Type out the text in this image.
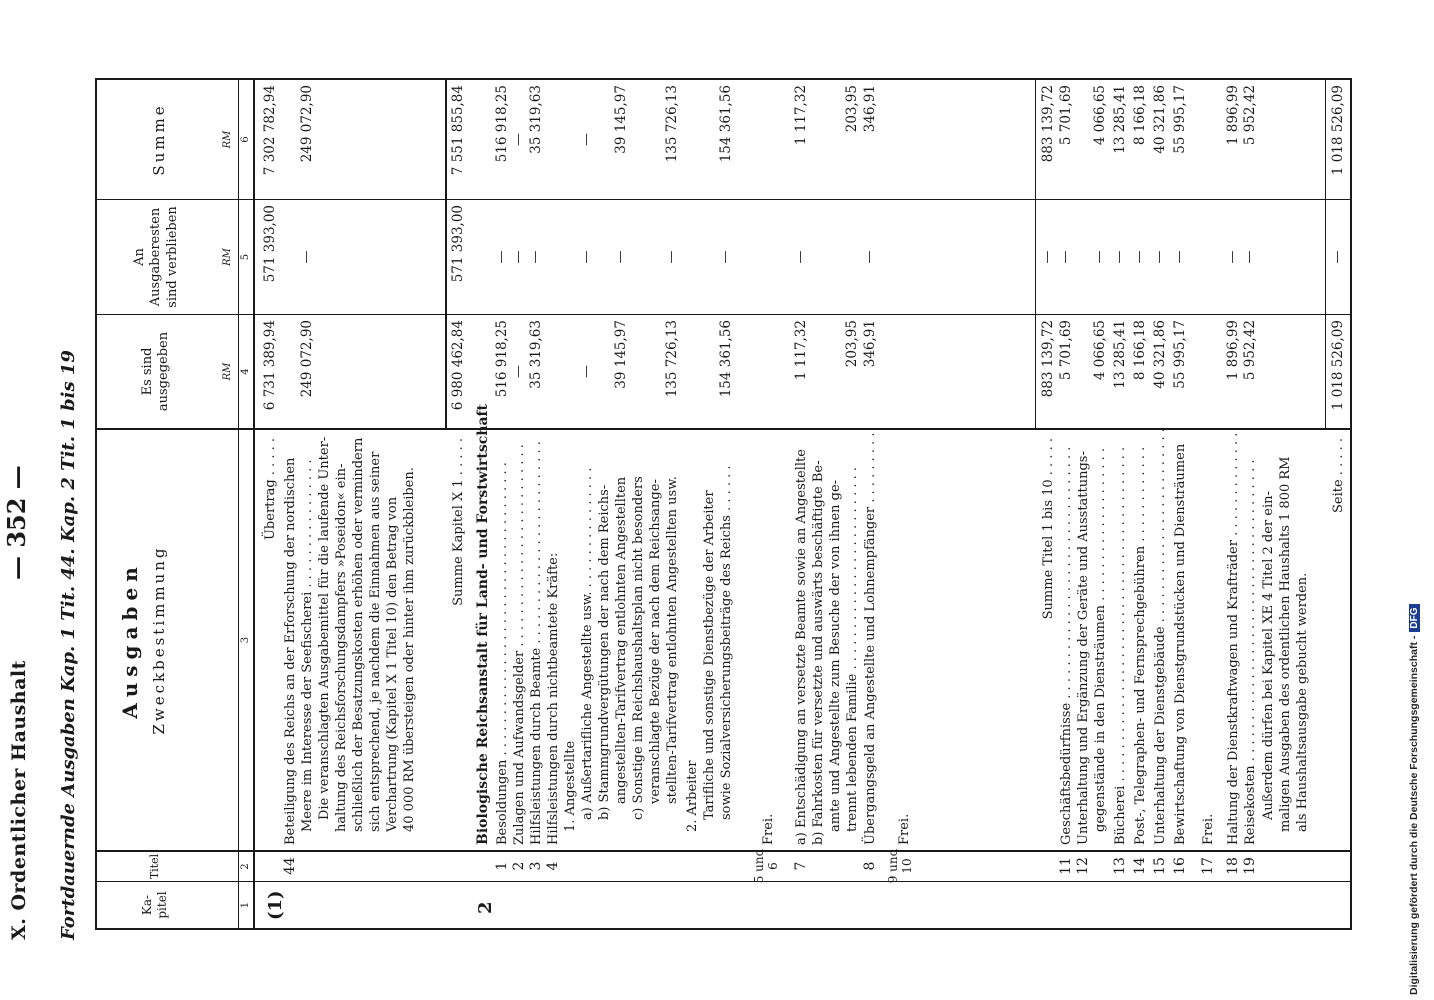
X. Ordentlicher Haushalt
— 352 — Fortdauernde Ausgaben Kap. 1 Tit. 44. Kap. 2 Tit. 1 bis 19	Ka- pitel
Titel
Ausgaben Zweckbestimmung
Es sind ausgegeben
An Ausgaberesten sind verblieben
Summe
RM
RM
RM
1
2
3
4
5
6
(1)
Übertrag . . . . .
6 731 389,94
571 393,00
7 302 782,94
44
Beteiligung des Reichs an der Erforschung der nordischen Meere im Interesse der Seefischerei . . . . . . . . . . . . . . . . Die veranschlagten Ausgabemittel für die laufende Unter- haltung des Reichsforschungsdampfers »Poseidon« ein- schließlich der Besatzungskosten erhöhen oder vermindern sich entsprechend, je nachdem die Einnahmen aus seiner Verchartrung (Kapitel X 1 Titel 10) den Betrag von 40 000 RM übersteigen oder hinter ihm zurückbleiben.
249 072,90
—
249 072,90
Summe Kapitel X 1 . . . . .
6 980 462,84
571 393,00
7 551 855,84
2
Biologische Reichsanstalt für Land- und Forstwirtschaft
1
Besoldungen . . . . . . . . . . . . . . . . . . . . . . . . . . . . . . . . . . . .
516 918,25
—
516 918,25
2
Zulagen und Aufwandsgelder . . . . . . . . . . . . . . . . . . . . . . . . .
—
—
—
3
Hilfsleistungen durch Beamte . . . . . . . . . . . . . . . . . . . . . . . . .
35 319,63
—
35 319,63
4
Hilfsleistungen durch nichtbeamtete Kräfte: 1. Angestellte a) Außertarifliche Angestellte usw. . . . . . . . . . . . . . . .
—
—
—
b) Stammgrundvergütungen der nach dem Reichs- angestellten-Tarifvertrag entlohnten Angestellten
39 145,97
—
39 145,97
c) Sonstige im Reichshaushaltsplan nicht besonders veranschlagte Bezüge der nach dem Reichsange- stellten-Tarifvertrag entlohnten Angestellten usw.
135 726,13
—
135 726,13
2. Arbeiter Tarifliche und sonstige Dienstbezüge der Arbeiter sowie Sozialversicherungsbeiträge des Reichs . . . . . .
154 361,56
—
154 361,56
5 und 6
Frei.
7
a) Entschädigung an versetzte Beamte sowie an Angestellte b) Fahrkosten für versetzte und auswärts beschäftigte Be- amte und Angestellte zum Besuche der von ihnen ge- trennt lebenden Familie . . . . . . . . . . . . . . . . . . . . . . . . .
1 117,32
—
1 117,32
203,95
203,95
8
Übergangsgeld an Angestellte und Lohnempfänger . . . . . . . . .
346,91
—
346,91
9 und 10
Frei.
Summe Titel 1 bis 10 . . . . .
883 139,72
—
883 139,72
11
Geschäftsbedürfnisse . . . . . . . . . . . . . . . . . . . . . . . . . . . . . . .
5 701,69
—
5 701,69
12
Unterhaltung und Ergänzung der Geräte und Ausstattungs- gegenstände in den Diensträumen . . . . . . . . . . . . . . . . . . .
4 066,65
—
4 066,65
13
Bücherei . . . . . . . . . . . . . . . . . . . . . . . . . . . . . . . . . . . . . . . . .
13 285,41
—
13 285,41
14
Post-, Telegraphen- und Fernsprechgebühren . . . . . . . . . . . .
8 166,18
—
8 166,18
15
Unterhaltung der Dienstgebäude . . . . . . . . . . . . . . . . . . . . . . . .
40 321,86
—
40 321,86
16
Bewirtschaftung von Dienstgrundstücken und Diensträumen
55 995,17
—
55 995,17
17
Frei.
18
Haltung der Dienstkraftwagen und Krafträder . . . . . . . . . . . . .
1 896,99
—
1 896,99
19
Reisekosten . . . . . . . . . . . . . . . . . . . . . . . . . . . . . . . . . . . . .
5 952,42
—
5 952,42
Außerdem dürfen bei Kapitel XE 4 Titel 2 der ein- maligen Ausgaben des ordentlichen Haushalts 1 800 RM als Haushaltsausgabe gebucht werden.
Seite . . . . .
1 018 526,09
—
1 018 526,09
Digitalisierung gefördert durch die Deutsche Forschungsgemeinschaft -DFG
